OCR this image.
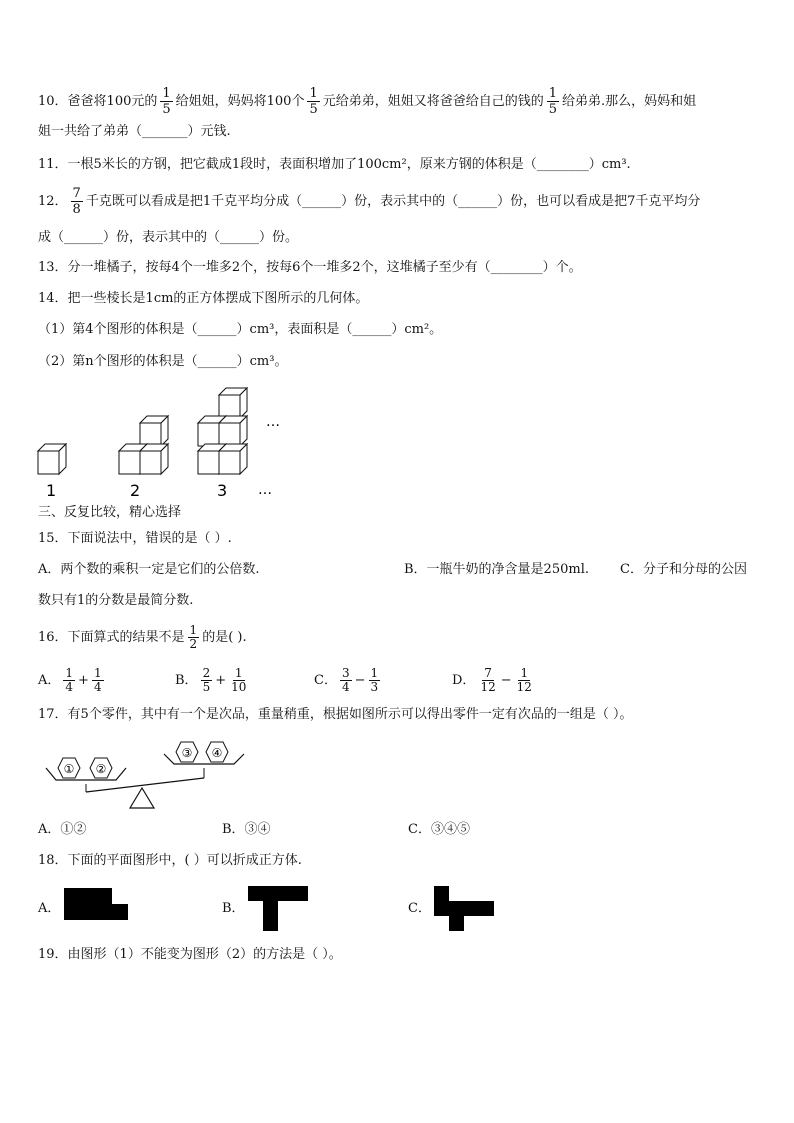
10．爸爸将100元的 $\frac{1}{5}$ 给姐姐，妈妈将100个 $\frac{1}{5}$ 元给弟弟，姐姐又将爸爸给自己的钱的 $\frac{1}{5}$ 给弟弟.那么，妈妈和姐
姐一共给了弟弟（_______）元钱.
11．一根5米长的方钢，把它截成1段时，表面积增加了100cm²，原来方钢的体积是（________）cm³.
12． $\frac{7}{8}$ 千克既可以看成是把1千克平均分成（______）份，表示其中的（______）份，也可以看成是把7千克平均分
成（______）份，表示其中的（______）份。
13．分一堆橘子，按每4个一堆多2个，按每6个一堆多2个，这堆橘子至少有（________）个。
14．把一些棱长是1cm的正方体摆成下图所示的几何体。
（1）第4个图形的体积是（______）cm³，表面积是（______）cm²。
（2）第n个图形的体积是（______）cm³。
…
1	2	3 …
三、反复比较，精心选择
15．下面说法中，错误的是（ ）.
A．两个数的乘积一定是它们的公倍数.	B．一瓶牛奶的净含量是250ml. C．分子和分母的公因
数只有1的分数是最简分数.
16．下面算式的结果不是 $\frac{1}{2}$ 的是( ).
A． $\frac{1}{4} + \frac{1}{4}$	B． $\frac{2}{5} + \frac{1}{10}$	C． $\frac{3}{4} - \frac{1}{3}$	D． $\frac{7}{12} - \frac{1}{12}$
17．有5个零件，其中有一个是次品，重量稍重，根据如图所示可以得出零件一定有次品的一组是（ ）。
① ②
③ ④
A．①②	B．③④	C．③④⑤
18．下面的平面图形中，( ）可以折成正方体.
A．	B．	C．
19．由图形（1）不能变为图形（2）的方法是（ ）。
